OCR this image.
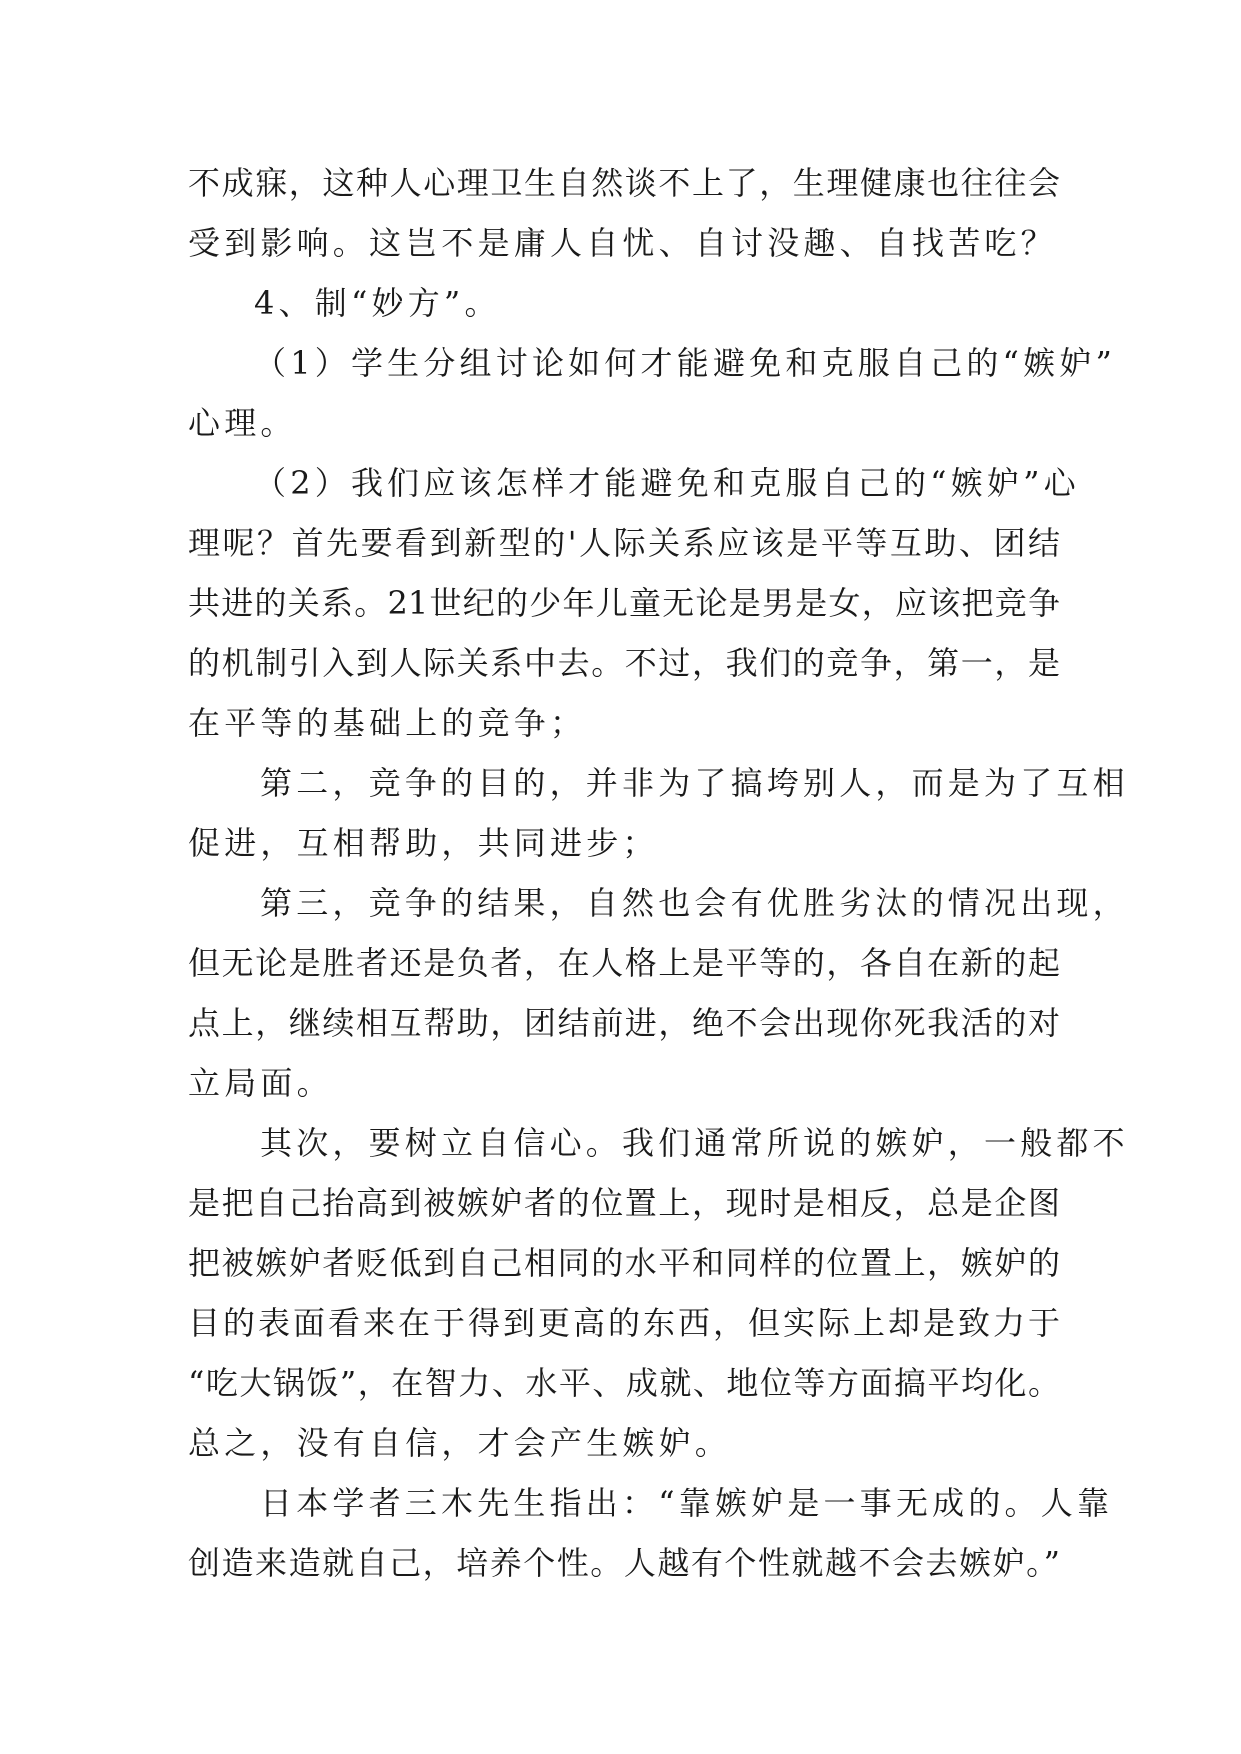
不成寐，这种人心理卫生自然谈不上了，生理健康也往往会
受到影响。这岂不是庸人自忧、自讨没趣、自找苦吃？
4、制“妙方”。
（1）学生分组讨论如何才能避免和克服自己的“嫉妒”
心理。
（2）我们应该怎样才能避免和克服自己的“嫉妒”心
理呢？首先要看到新型的'人际关系应该是平等互助、团结
共进的关系。21世纪的少年儿童无论是男是女，应该把竞争
的机制引入到人际关系中去。不过，我们的竞争，第一，是
在平等的基础上的竞争；
第二，竞争的目的，并非为了搞垮别人，而是为了互相
促进，互相帮助，共同进步；
第三，竞争的结果，自然也会有优胜劣汰的情况出现，
但无论是胜者还是负者，在人格上是平等的，各自在新的起
点上，继续相互帮助，团结前进，绝不会出现你死我活的对
立局面。
其次，要树立自信心。我们通常所说的嫉妒，一般都不
是把自己抬高到被嫉妒者的位置上，现时是相反，总是企图
把被嫉妒者贬低到自己相同的水平和同样的位置上，嫉妒的
目的表面看来在于得到更高的东西，但实际上却是致力于
“吃大锅饭”，在智力、水平、成就、地位等方面搞平均化。
总之，没有自信，才会产生嫉妒。
日本学者三木先生指出：“靠嫉妒是一事无成的。人靠
创造来造就自己，培养个性。人越有个性就越不会去嫉妒。”
